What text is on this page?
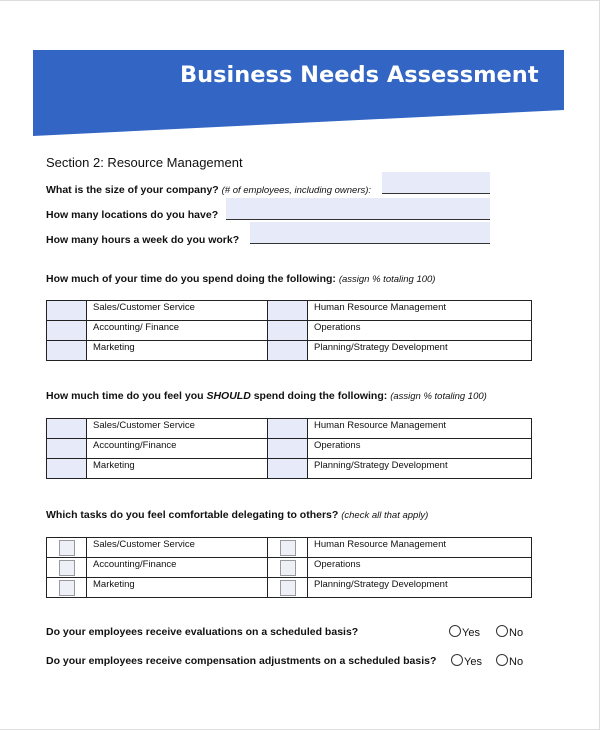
Business Needs Assessment
Section 2: Resource Management
What is the size of your company? (# of employees, including owners):
How many locations do you have?
How many hours a week do you work?
How much of your time do you spend doing the following: (assign % totaling 100)
	Sales/Customer Service		Human Resource Management
	Accounting/ Finance		Operations
	Marketing		Planning/Strategy Development
How much time do you feel you SHOULD spend doing the following: (assign % totaling 100)
	Sales/Customer Service		Human Resource Management
	Accounting/Finance		Operations
	Marketing		Planning/Strategy Development
Which tasks do you feel comfortable delegating to others? (check all that apply)
	Sales/Customer Service		Human Resource Management

	Accounting/Finance		Operations

	Marketing		Planning/Strategy Development
Do your employees receive evaluations on a scheduled basis?	Yes	No
Do your employees receive compensation adjustments on a scheduled basis?	Yes	No
